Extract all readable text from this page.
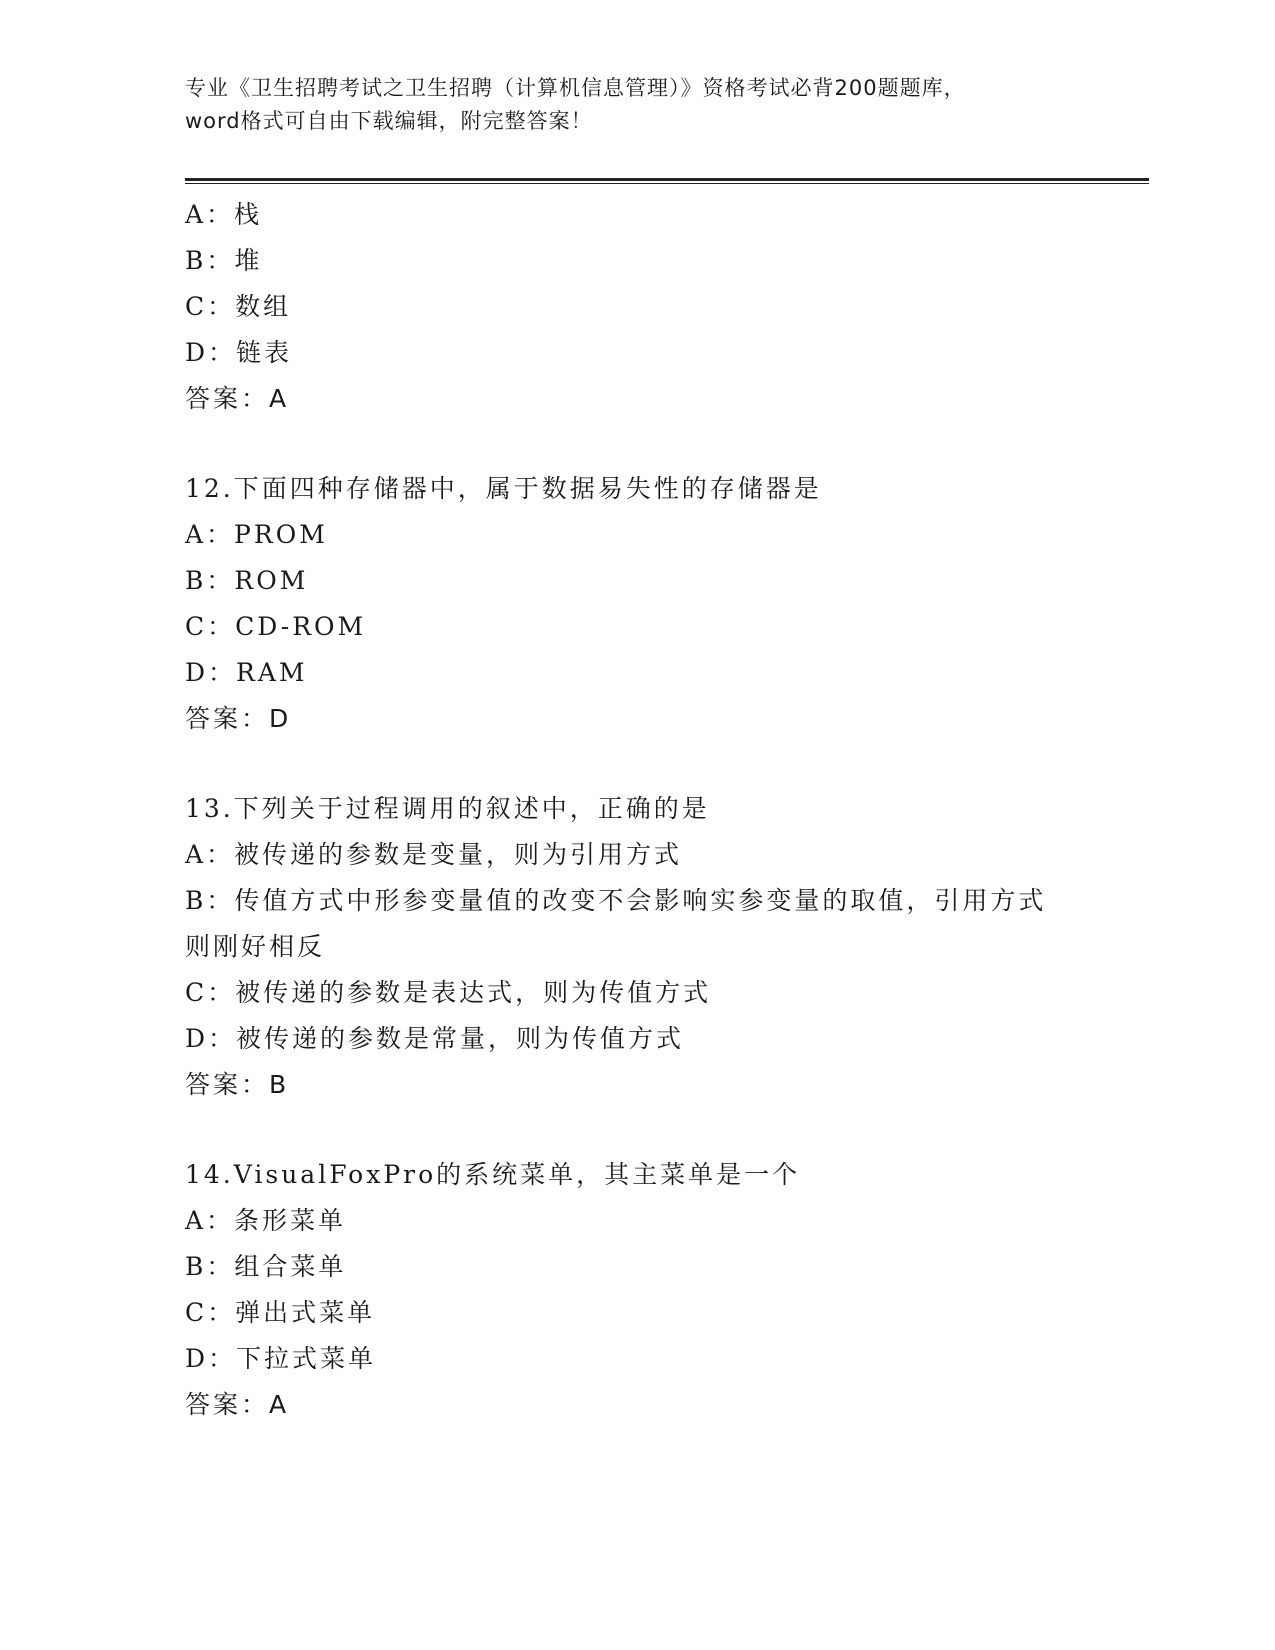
专业《卫生招聘考试之卫生招聘（计算机信息管理）》资格考试必背200题题库，
word格式可自由下载编辑，附完整答案！
A：栈
B：堆
C：数组
D：链表
答案：A
12.下面四种存储器中，属于数据易失性的存储器是
A：PROM
B：ROM
C：CD-ROM
D：RAM
答案：D
13.下列关于过程调用的叙述中，正确的是
A：被传递的参数是变量，则为引用方式
B：传值方式中形参变量值的改变不会影响实参变量的取值，引用方式
则刚好相反
C：被传递的参数是表达式，则为传值方式
D：被传递的参数是常量，则为传值方式
答案：B
14.VisualFoxPro的系统菜单，其主菜单是一个
A：条形菜单
B：组合菜单
C：弹出式菜单
D：下拉式菜单
答案：A
